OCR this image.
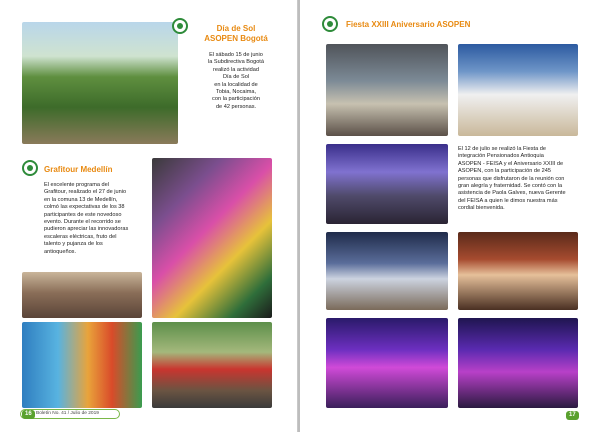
Día de Sol
ASOPEN Bogotá
El sábado 15 de junio
la Subdirectiva Bogotá
realizó la actividad
Día de Sol
en la localidad de
Tobia, Nocaima,
con la participación
de 42 personas.
Grafitour Medellín
El excelente programa del
Grafitour, realizado el 27 de junio
en la comuna 13 de Medellín,
colmó las expectativas de los 38
participantes de este novedoso
evento. Durante el recorrido se
pudieron apreciar las innovadoras
escaleras eléctricas, fruto del
talento y pujanza de los
antioqueños.
16 Boletín No. 41 / Julio de 2019
Fiesta XXIII Aniversario ASOPEN
El 12 de julio se realizó la Fiesta de
integración Pensionados Antioquia
ASOPEN - FEISA y el Aniversario XXIII de
ASOPEN, con la participación de 245
personas que disfrutaron de la reunión con
gran alegría y fraternidad. Se contó con la
asistencia de Paola Galves, nueva Gerente
del FEISA a quien le dimos nuestra más
cordial bienvenida.
17
